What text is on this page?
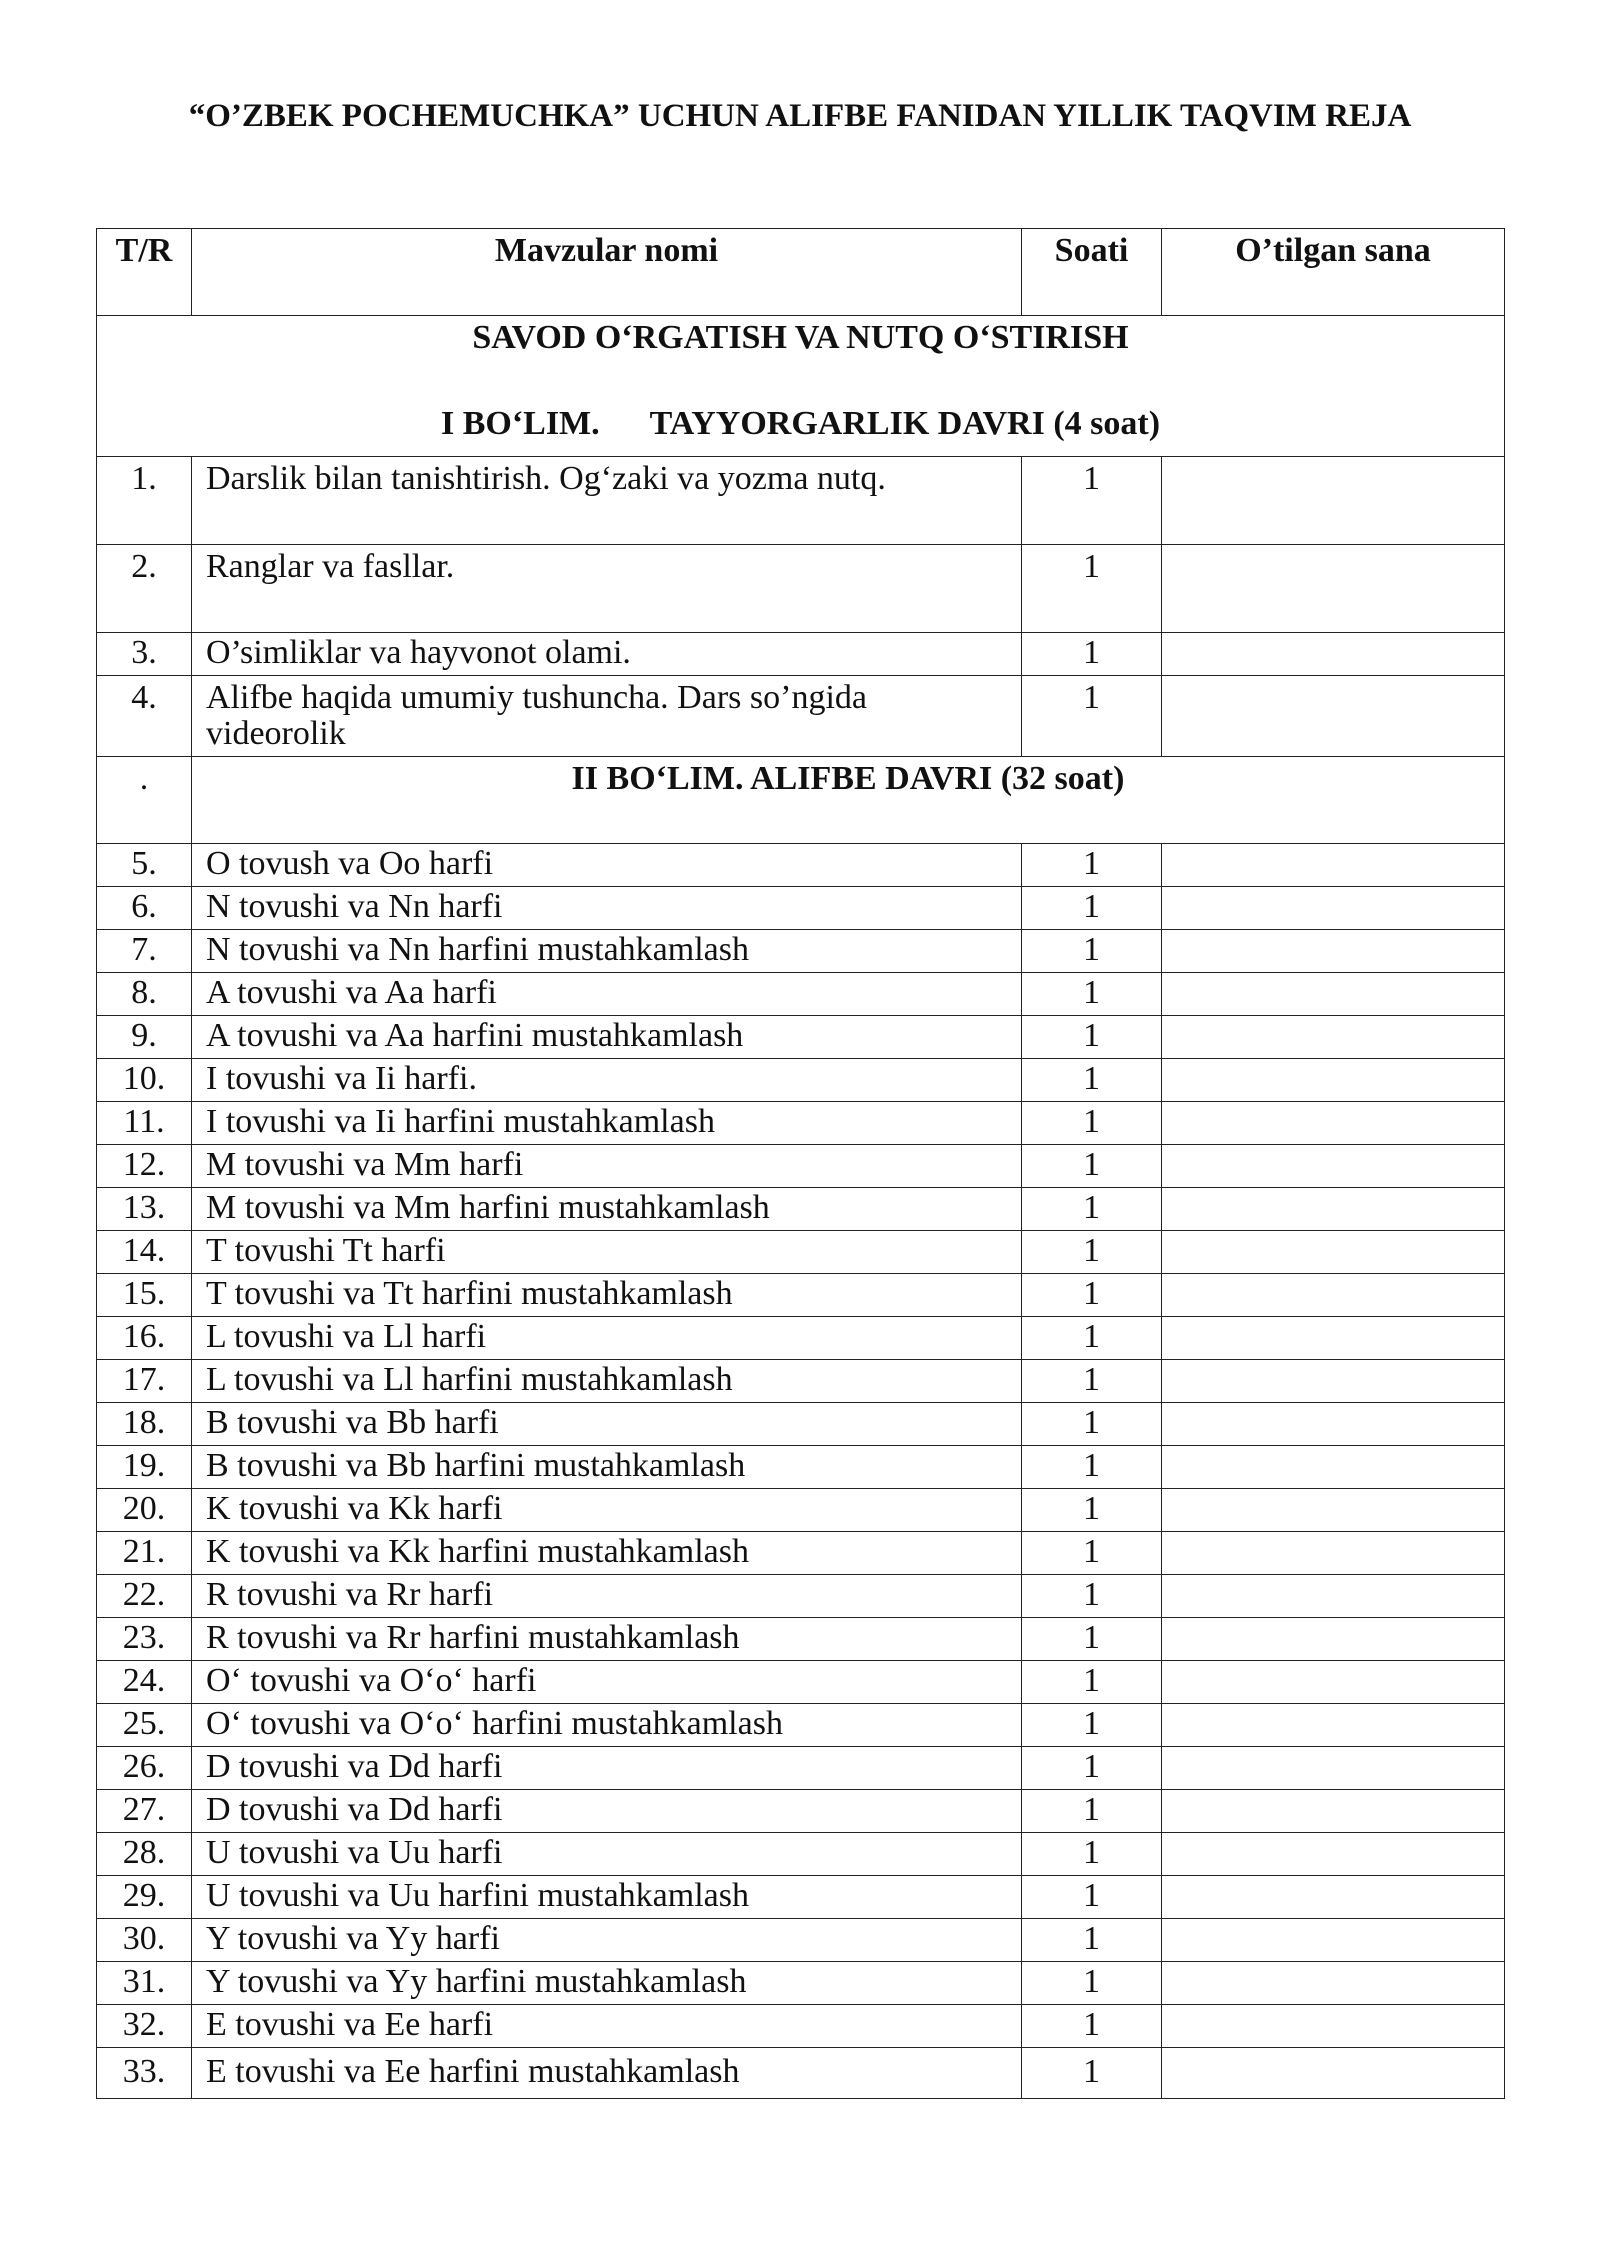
“O’ZBEK POCHEMUCHKA” UCHUN ALIFBE FANIDAN YILLIK TAQVIM REJA
T/R	Mavzular nomi	Soati	O’tilgan sana

SAVOD O‘RGATISH VA NUTQ O‘STIRISH
I BO‘LIM. TAYYORGARLIK DAVRI (4 soat)			

1.	Darslik bilan tanishtirish. Og‘zaki va yozma nutq.	1	
2.	Ranglar va fasllar.	1	
3.	O’simliklar va hayvonot olami.	1	
4.	Alifbe haqida umumiy tushuncha. Dars so’ngida videorolik	1	
.	II BO‘LIM. ALIFBE DAVRI (32 soat)		
5.	O tovush va Oo harfi	1	
6.	N tovushi va Nn harfi	1	
7.	N tovushi va Nn harfini mustahkamlash	1	
8.	A tovushi va Aa harfi	1	
9.	A tovushi va Aa harfini mustahkamlash	1	
10.	I tovushi va Ii harfi.	1	
11.	I tovushi va Ii harfini mustahkamlash	1	
12.	M tovushi va Mm harfi	1	
13.	M tovushi va Mm harfini mustahkamlash	1	
14.	T tovushi Tt harfi	1	
15.	T tovushi va Tt harfini mustahkamlash	1	
16.	L tovushi va Ll harfi	1	
17.	L tovushi va Ll harfini mustahkamlash	1	
18.	B tovushi va Bb harfi	1	
19.	B tovushi va Bb harfini mustahkamlash	1	
20.	K tovushi va Kk harfi	1	
21.	K tovushi va Kk harfini mustahkamlash	1	
22.	R tovushi va Rr harfi	1	
23.	R tovushi va Rr harfini mustahkamlash	1	
24.	O‘ tovushi va O‘o‘ harfi	1	
25.	O‘ tovushi va O‘o‘ harfini mustahkamlash	1	
26.	D tovushi va Dd harfi	1	
27.	D tovushi va Dd harfi	1	
28.	U tovushi va Uu harfi	1	
29.	U tovushi va Uu harfini mustahkamlash	1	
30.	Y tovushi va Yy harfi	1	
31.	Y tovushi va Yy harfini mustahkamlash	1	
32.	E tovushi va Ee harfi	1	
33.	E tovushi va Ee harfini mustahkamlash	1	
